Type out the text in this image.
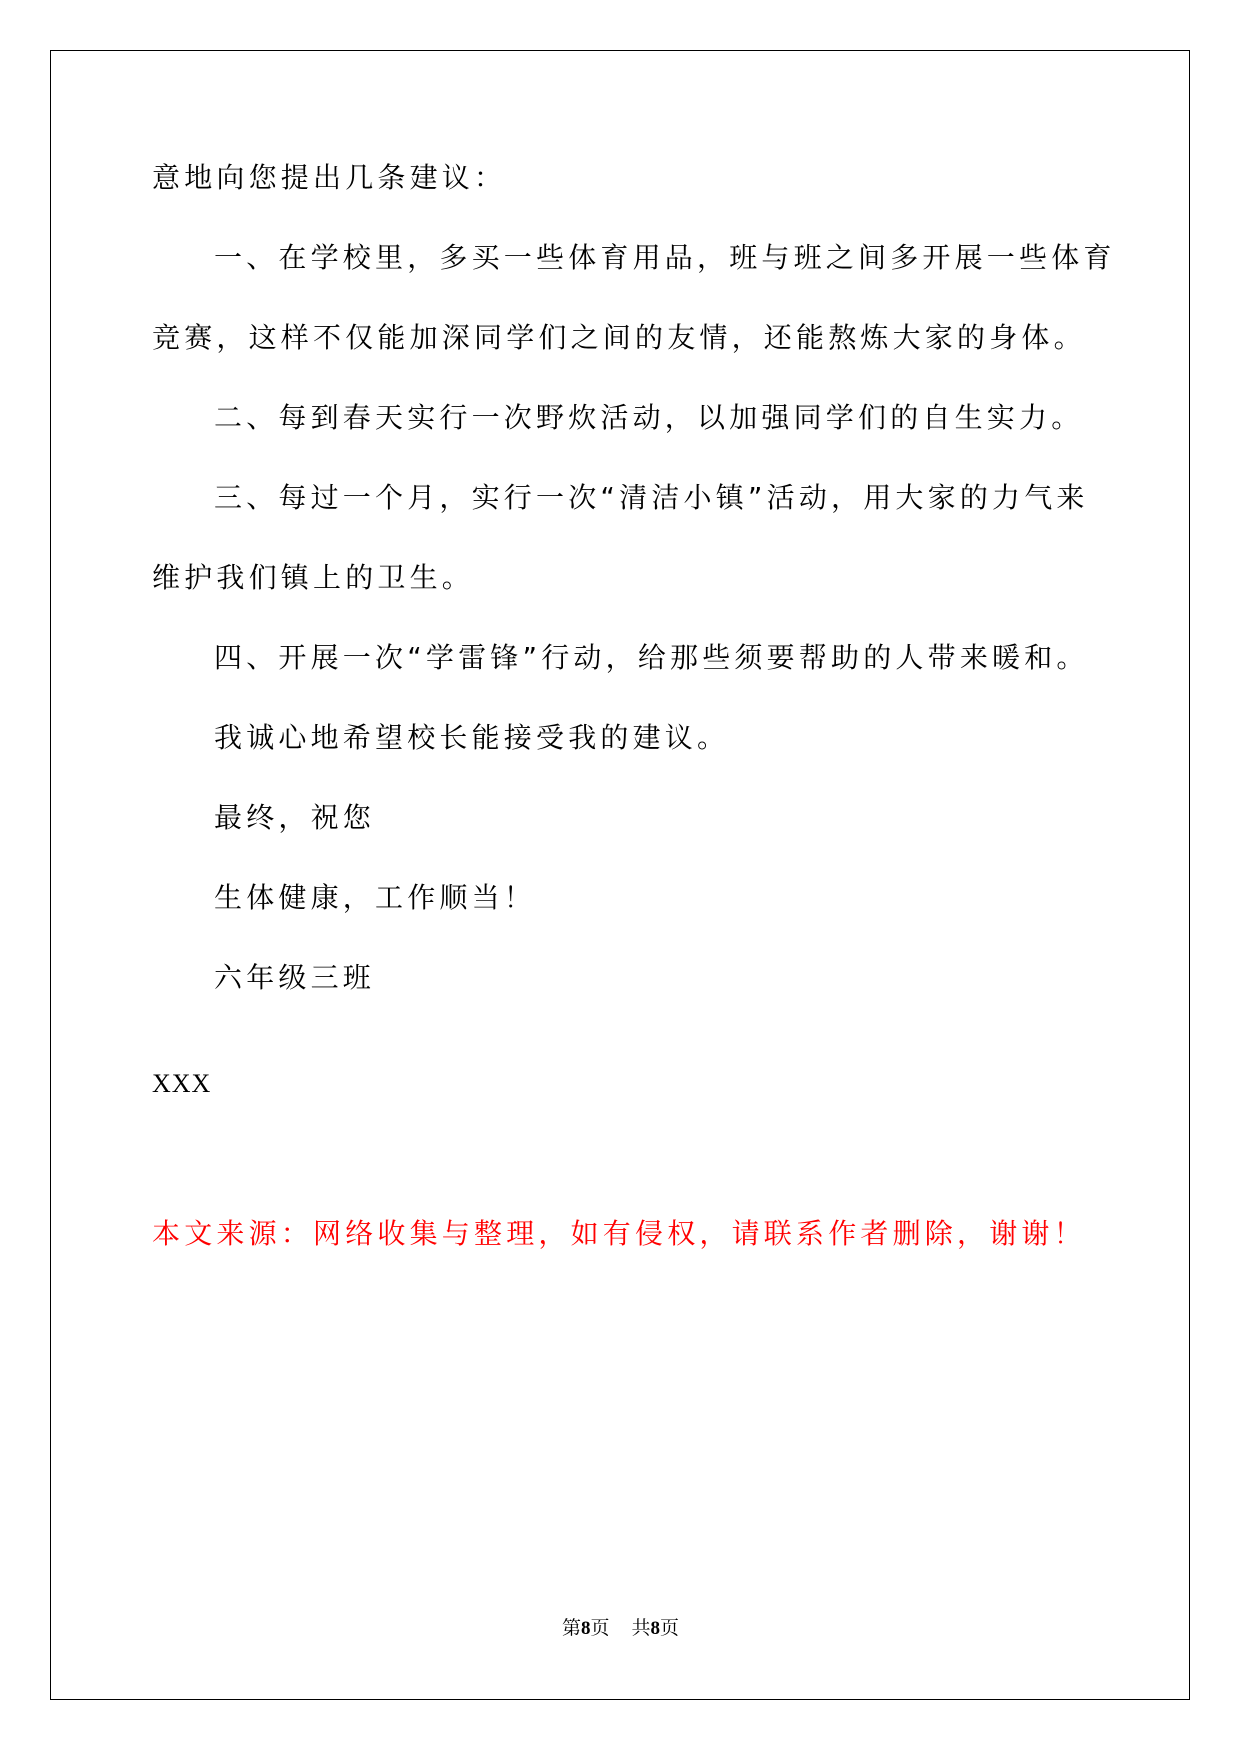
意地向您提出几条建议：

一、在学校里，多买一些体育用品，班与班之间多开展一些体育

竞赛，这样不仅能加深同学们之间的友情，还能熬炼大家的身体。

二、每到春天实行一次野炊活动，以加强同学们的自生实力。

三、每过一个月，实行一次“清洁小镇”活动，用大家的力气来

维护我们镇上的卫生。

四、开展一次“学雷锋”行动，给那些须要帮助的人带来暖和。

我诚心地希望校长能接受我的建议。

最终，祝您

生体健康，工作顺当！

六年级三班

XXX

本文来源：网络收集与整理，如有侵权，请联系作者删除，谢谢！

第8页 共8页
